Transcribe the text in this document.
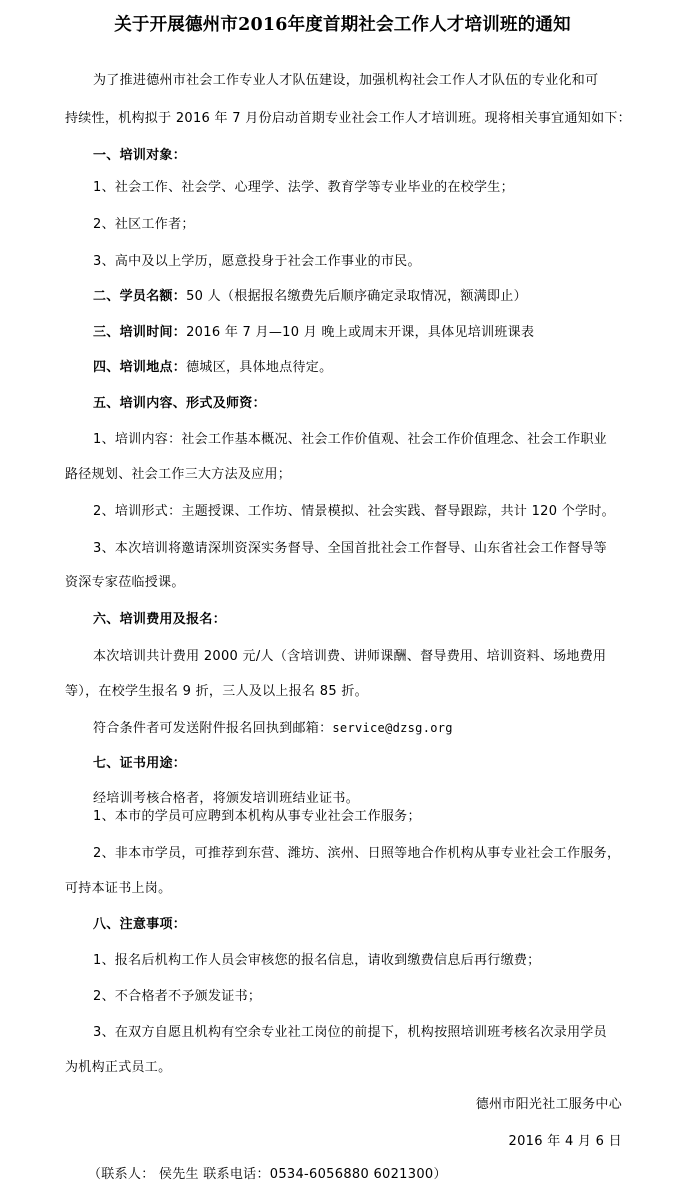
关于开展德州市2016年度首期社会工作人才培训班的通知
为了推进德州市社会工作专业人才队伍建设，加强机构社会工作人才队伍的专业化和可
持续性，机构拟于 2016 年 7 月份启动首期专业社会工作人才培训班。现将相关事宜通知如下：
一、培训对象：
1、社会工作、社会学、心理学、法学、教育学等专业毕业的在校学生；
2、社区工作者；
3、高中及以上学历，愿意投身于社会工作事业的市民。
二、学员名额：50 人（根据报名缴费先后顺序确定录取情况，额满即止）
三、培训时间：2016 年 7 月—10 月 晚上或周末开课，具体见培训班课表
四、培训地点：德城区，具体地点待定。
五、培训内容、形式及师资：
1、培训内容：社会工作基本概况、社会工作价值观、社会工作价值理念、社会工作职业
路径规划、社会工作三大方法及应用；
2、培训形式：主题授课、工作坊、情景模拟、社会实践、督导跟踪，共计 120 个学时。
3、本次培训将邀请深圳资深实务督导、全国首批社会工作督导、山东省社会工作督导等
资深专家莅临授课。
六、培训费用及报名：
本次培训共计费用 2000 元/人（含培训费、讲师课酬、督导费用、培训资料、场地费用
等），在校学生报名 9 折，三人及以上报名 85 折。
符合条件者可发送附件报名回执到邮箱：service@dzsg.org
七、证书用途：
经培训考核合格者，将颁发培训班结业证书。
1、本市的学员可应聘到本机构从事专业社会工作服务；
2、非本市学员，可推荐到东营、潍坊、滨州、日照等地合作机构从事专业社会工作服务，
可持本证书上岗。
八、注意事项：
1、报名后机构工作人员会审核您的报名信息，请收到缴费信息后再行缴费；
2、不合格者不予颁发证书；
3、在双方自愿且机构有空余专业社工岗位的前提下，机构按照培训班考核名次录用学员
为机构正式员工。
德州市阳光社工服务中心
2016 年 4 月 6 日
（联系人： 侯先生 联系电话：0534-6056880 6021300）
